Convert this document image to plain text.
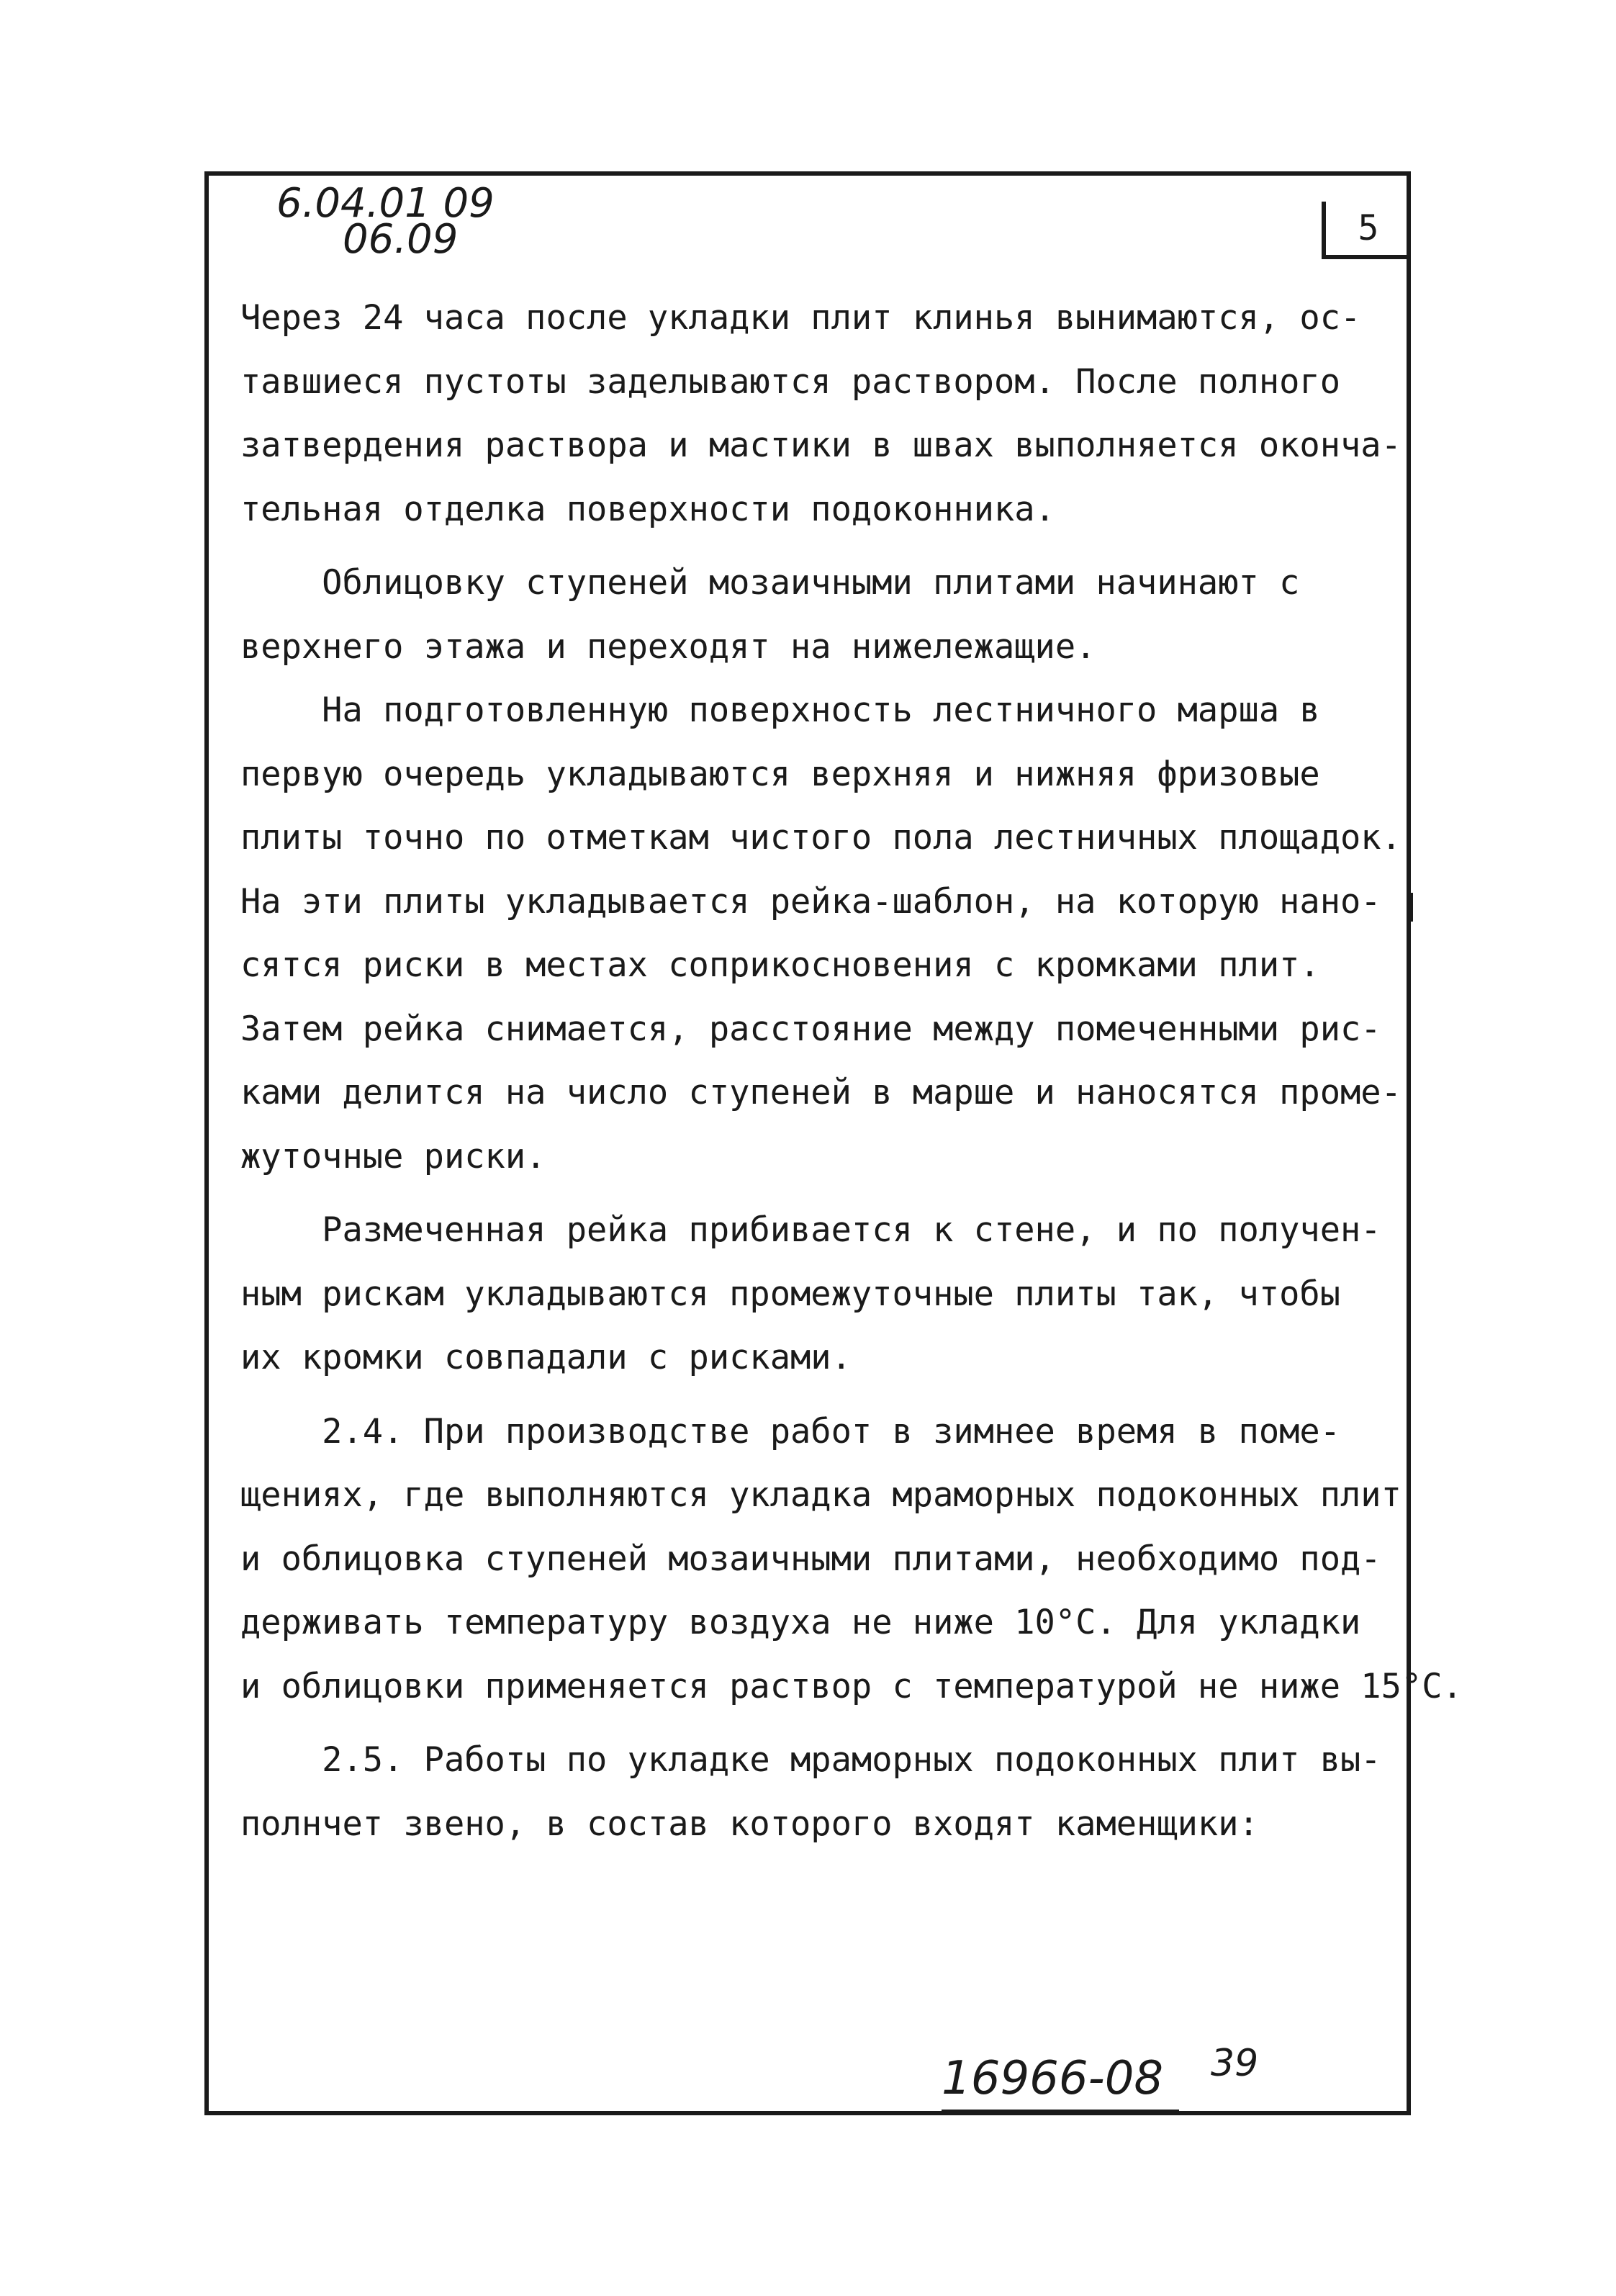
6.04.01 09
06.09	5
Через 24 часа после укладки плит клинья вынимаются, ос-
тавшиеся пустоты заделываются раствором. После полного
затвердения раствора и мастики в швах выполняется оконча-
тельная отделка поверхности подоконника.
Облицовку ступеней мозаичными плитами начинают с
верхнего этажа и переходят на нижележащие.
На подготовленную поверхность лестничного марша в
первую очередь укладываются верхняя и нижняя фризовые
плиты точно по отметкам чистого пола лестничных площадок.
На эти плиты укладывается рейка-шаблон, на которую нано-
сятся риски в местах соприкосновения с кромками плит.
Затем рейка снимается, расстояние между помеченными рис-
ками делится на число ступеней в марше и наносятся проме-
жуточные риски.
Размеченная рейка прибивается к стене, и по получен-
ным рискам укладываются промежуточные плиты так, чтобы
их кромки совпадали с рисками.
2.4. При производстве работ в зимнее время в поме-
щениях, где выполняются укладка мраморных подоконных плит
и облицовка ступеней мозаичными плитами, необходимо под-
держивать температуру воздуха не ниже 10°С. Для укладки
и облицовки применяется раствор с температурой не ниже 15°С.
2.5. Работы по укладке мраморных подоконных плит вы-
полнчет звено, в состав которого входят каменщики:
16966-08 39
